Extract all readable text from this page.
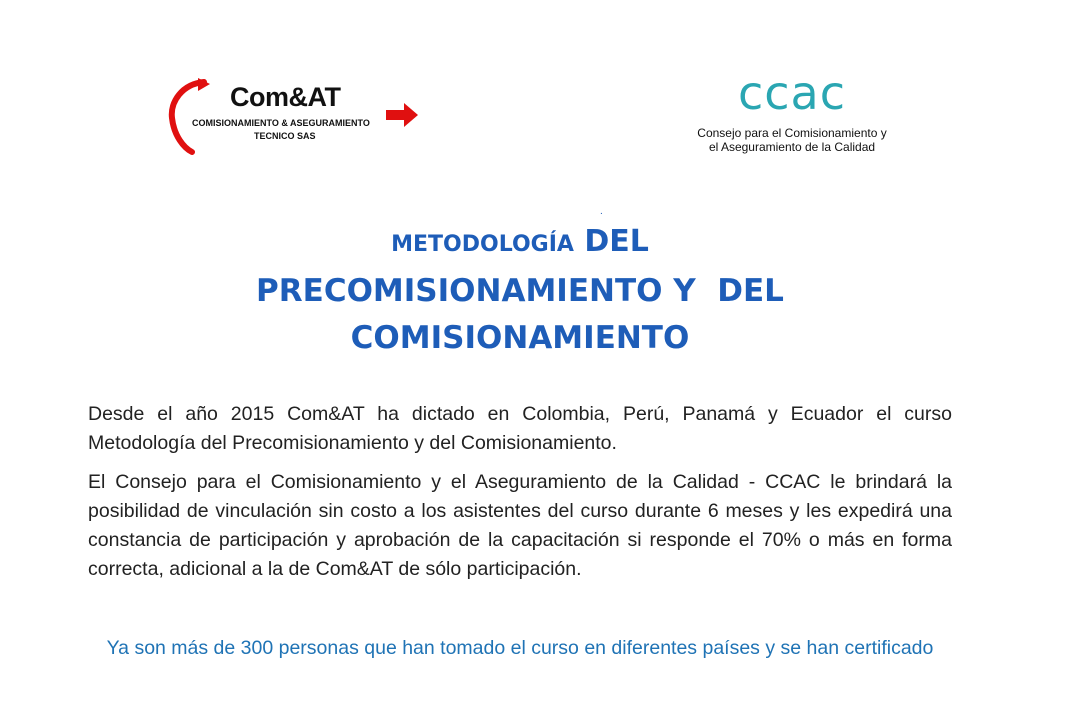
Com&AT
COMISIONAMIENTO & ASEGURAMIENTO
TECNICO SAS
ccac
Consejo para el Comisionamiento y
el Aseguramiento de la Calidad
.
METODOLOGÍA DEL
PRECOMISIONAMIENTO Y  DEL
COMISIONAMIENTO

Desde el año 2015 Com&AT ha dictado en Colombia, Perú, Panamá y Ecuador el curso Metodología del Precomisionamiento y del Comisionamiento.

El Consejo para el Comisionamiento y el Aseguramiento de la Calidad - CCAC le brindará la posibilidad de vinculación sin costo a los asistentes del curso durante 6 meses y les expedirá una constancia de participación y aprobación de la capacitación si responde el 70% o más en forma correcta, adicional a la de Com&AT de sólo participación.

Ya son más de 300 personas que han tomado el curso en diferentes países y se han certificado
